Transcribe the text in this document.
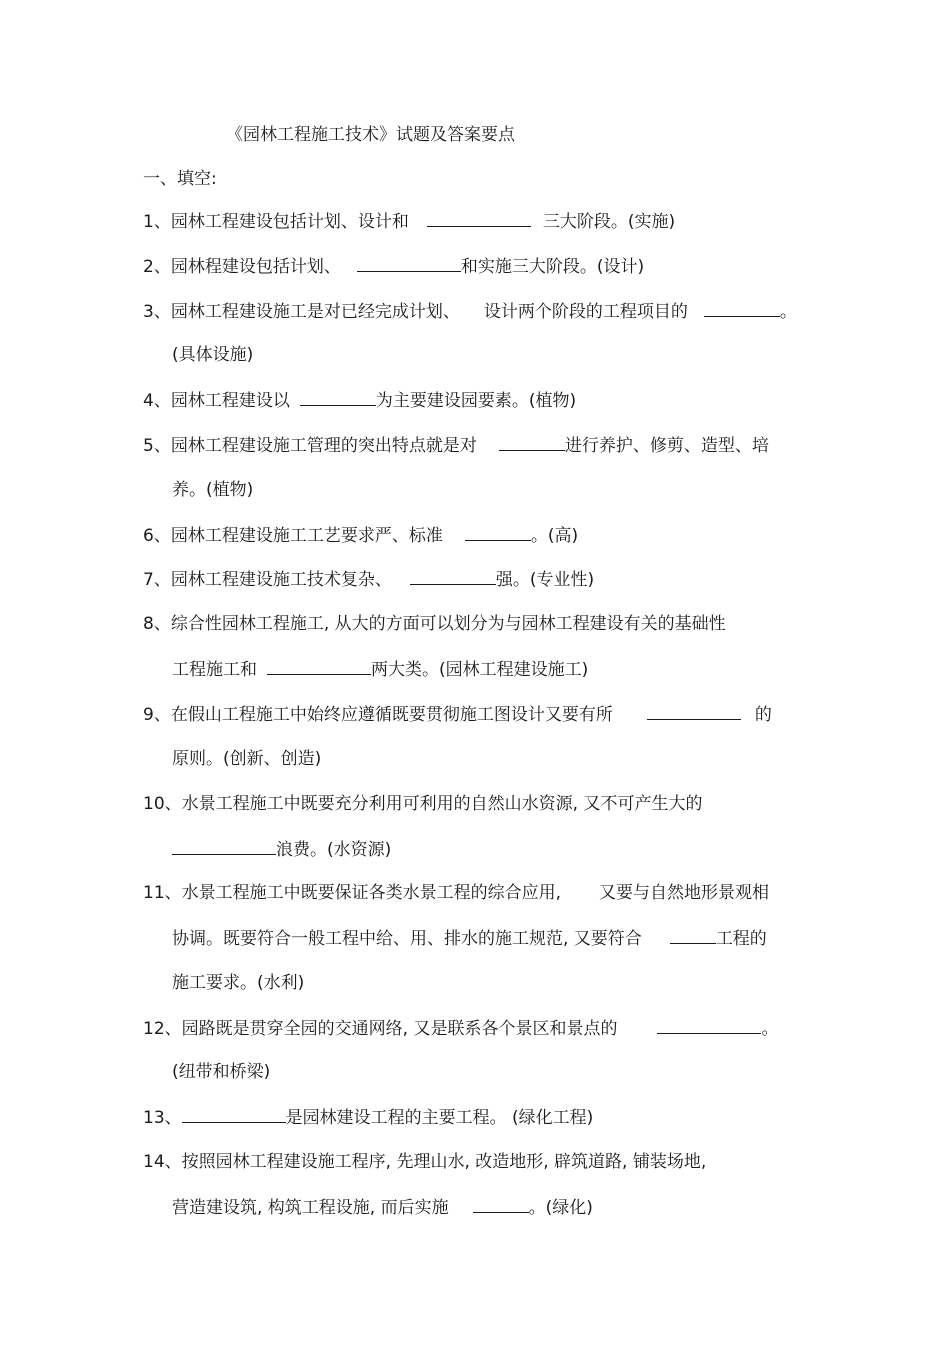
《园林工程施工技术》试题及答案要点
一、填空:
1、园林工程建设包括计划、设计和	三大阶段。(实施)
2、园林程建设包括计划、	和实施三大阶段。(设计)
3、园林工程建设施工是对已经完成计划、 设计两个阶段的工程项目的	。
(具体设施)
4、园林工程建设以	为主要建设园要素。(植物)
5、园林工程建设施工管理的突出特点就是对	进行养护、修剪、造型、培
养。(植物)
6、园林工程建设施工工艺要求严、标准	。(高)
7、园林工程建设施工技术复杂、	强。(专业性)
8、综合性园林工程施工, 从大的方面可以划分为与园林工程建设有关的基础性
工程施工和	两大类。(园林工程建设施工)
9、在假山工程施工中始终应遵循既要贯彻施工图设计又要有所	的
原则。(创新、创造)
10、水景工程施工中既要充分利用可利用的自然山水资源, 又不可产生大的
浪费。(水资源)
11、水景工程施工中既要保证各类水景工程的综合应用, 又要与自然地形景观相
协调。既要符合一般工程中给、用、排水的施工规范, 又要符合	工程的
施工要求。(水利)
12、园路既是贯穿全园的交通网络, 又是联系各个景区和景点的	。
(纽带和桥梁)
13、	是园林建设工程的主要工程。 (绿化工程)
14、按照园林工程建设施工程序, 先理山水, 改造地形, 辟筑道路, 铺装场地,
营造建设筑, 构筑工程设施, 而后实施	。(绿化)
